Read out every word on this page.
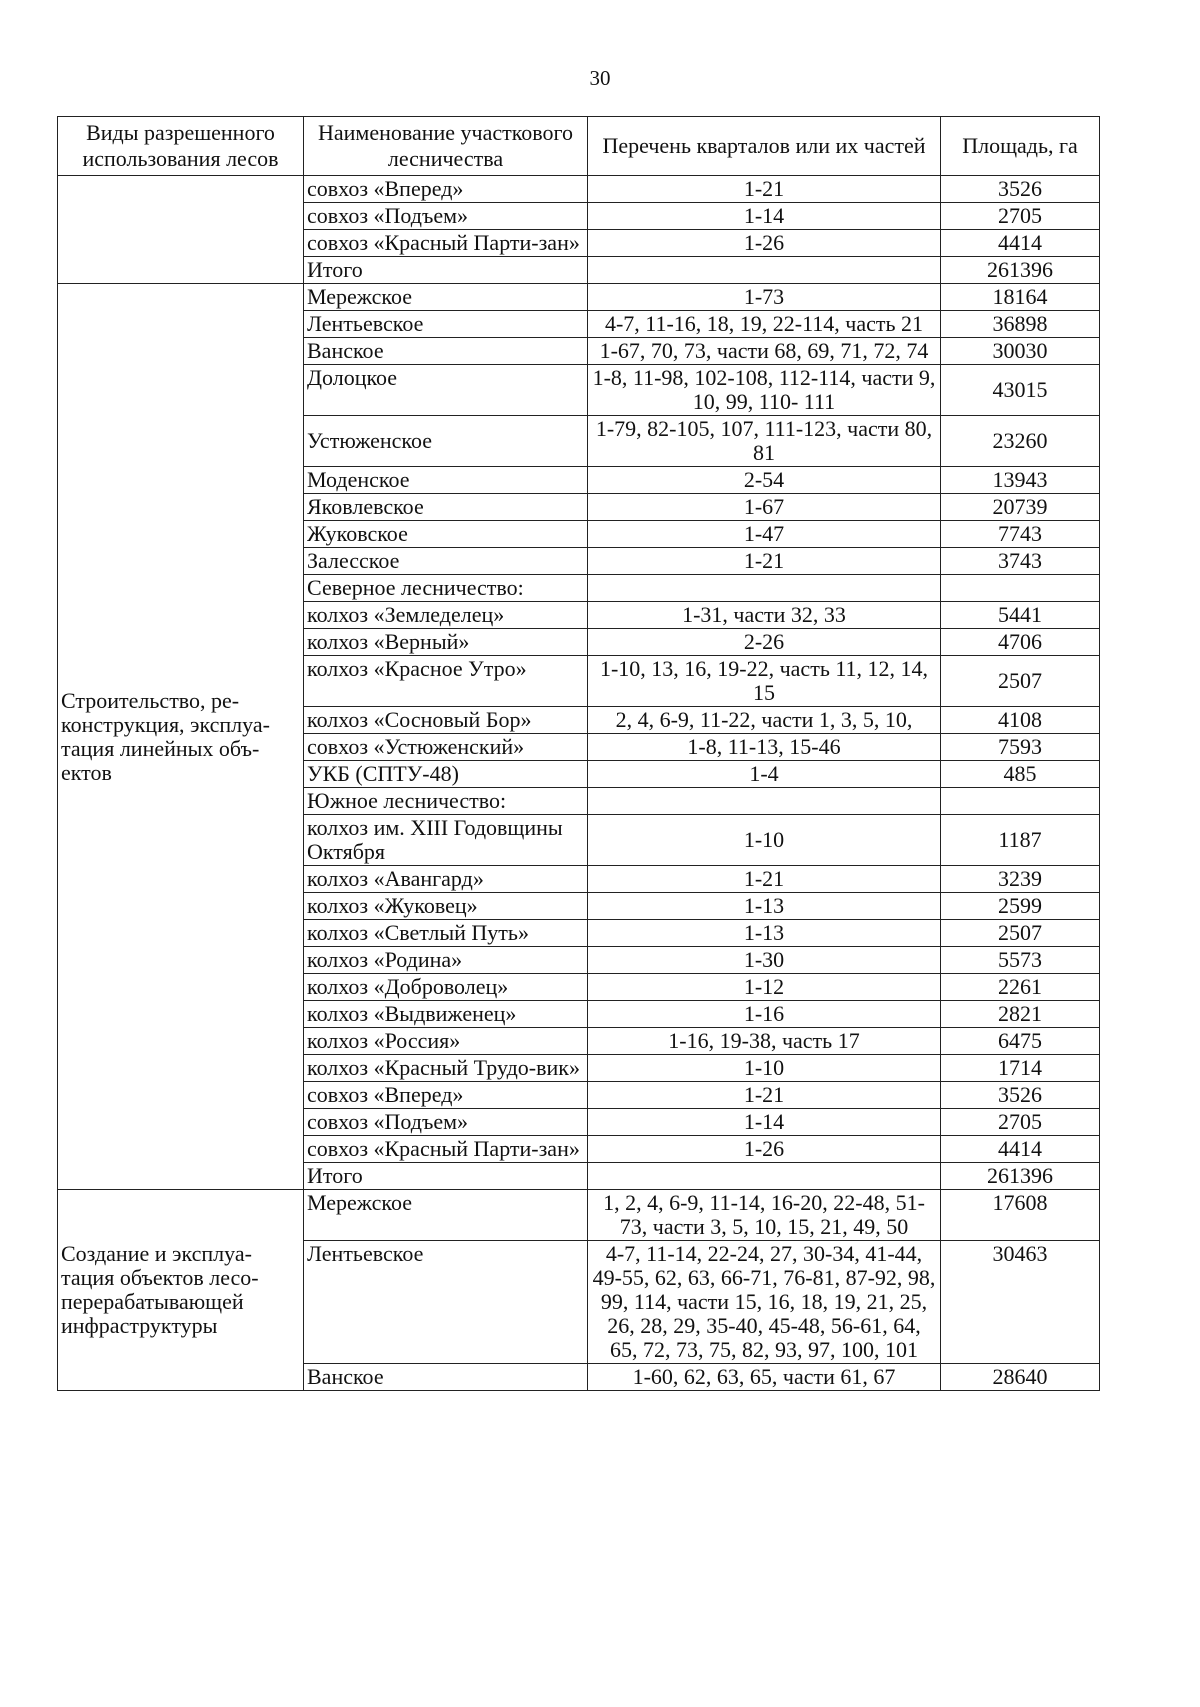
30
Виды разрешенного использования лесов	Наименование участкового лесничества	Перечень кварталов или их частей	Площадь, га
	совхоз «Вперед»	1-21	3526
	совхоз «Подъем»	1-14	2705
	совхоз «Красный Парти-зан»	1-26	4414
	Итого		261396
Строительство, ре-конструкция, эксплуа-тация линейных объ-ектов	Мережское	1-73	18164
	Лентьевское	4-7, 11-16, 18, 19, 22-114, часть 21	36898
	Ванское	1-67, 70, 73, части 68, 69, 71, 72, 74	30030
	Долоцкое	1-8, 11-98, 102-108, 112-114, части 9, 10, 99, 110- 111	43015
	Устюженское	1-79, 82-105, 107, 111-123, части 80, 81	23260
	Моденское	2-54	13943
	Яковлевское	1-67	20739
	Жуковское	1-47	7743
	Залесское	1-21	3743
	Северное лесничество:		
	колхоз «Земледелец»	1-31, части 32, 33	5441
	колхоз «Верный»	2-26	4706
	колхоз «Красное Утро»	1-10, 13, 16, 19-22, часть 11, 12, 14, 15	2507
	колхоз «Сосновый Бор»	2, 4, 6-9, 11-22, части 1, 3, 5, 10,	4108
	совхоз «Устюженский»	1-8, 11-13, 15-46	7593
	УКБ (СПТУ-48)	1-4	485
	Южное лесничество:		
	колхоз им. XIII Годовщины Октября	1-10	1187
	колхоз «Авангард»	1-21	3239
	колхоз «Жуковец»	1-13	2599
	колхоз «Светлый Путь»	1-13	2507
	колхоз «Родина»	1-30	5573
	колхоз «Доброволец»	1-12	2261
	колхоз «Выдвиженец»	1-16	2821
	колхоз «Россия»	1-16, 19-38, часть 17	6475
	колхоз «Красный Трудо-вик»	1-10	1714
	совхоз «Вперед»	1-21	3526
	совхоз «Подъем»	1-14	2705
	совхоз «Красный Парти-зан»	1-26	4414
	Итого		261396
Создание и эксплуа-тация объектов лесо-перерабатывающей инфраструктуры	Мережское	1, 2, 4, 6-9, 11-14, 16-20, 22-48, 51-73, части 3, 5, 10, 15, 21, 49, 50	17608
	Лентьевское	4-7, 11-14, 22-24, 27, 30-34, 41-44, 49-55, 62, 63, 66-71, 76-81, 87-92, 98, 99, 114, части 15, 16, 18, 19, 21, 25, 26, 28, 29, 35-40, 45-48, 56-61, 64, 65, 72, 73, 75, 82, 93, 97, 100, 101	30463
	Ванское	1-60, 62, 63, 65, части 61, 67	28640
